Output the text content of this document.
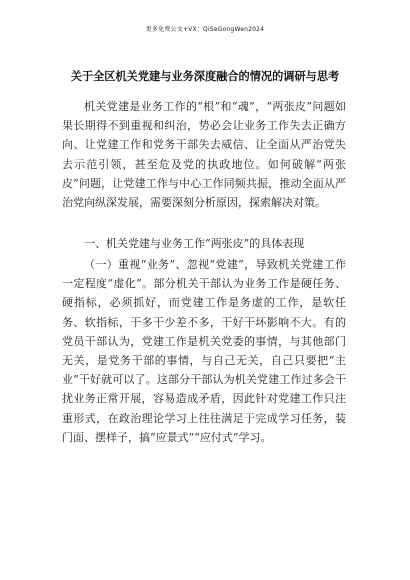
更多免费公文+VX：QiSeGongWen2024
关于全区机关党建与业务深度融合的情况的调研与思考

机关党建是业务工作的“根”和“魂”，“两张皮”问题如果长期得不到重视和纠治，势必会让业务工作失去正确方向、让党建工作和党务干部失去威信、让全面从严治党失去示范引领，甚至危及党的执政地位。如何破解“两张皮”问题，让党建工作与中心工作同频共振，推动全面从严治党向纵深发展，需要深刻分析原因，探索解决对策。

一、机关党建与业务工作“两张皮”的具体表现

（一）重视“业务”、忽视“党建”，导致机关党建工作一定程度“虚化”。部分机关干部认为业务工作是硬任务、硬指标，必须抓好，而党建工作是务虚的工作，是软任务、软指标，干多干少差不多，干好干坏影响不大。有的党员干部认为，党建工作是机关党委的事情，与其他部门无关，是党务干部的事情，与自己无关，自己只要把“主业”干好就可以了。这部分干部认为机关党建工作过多会干扰业务正常开展，容易造成矛盾，因此针对党建工作只注重形式，在政治理论学习上往往满足于完成学习任务，装门面、摆样子，搞“应景式”“应付式”学习。
